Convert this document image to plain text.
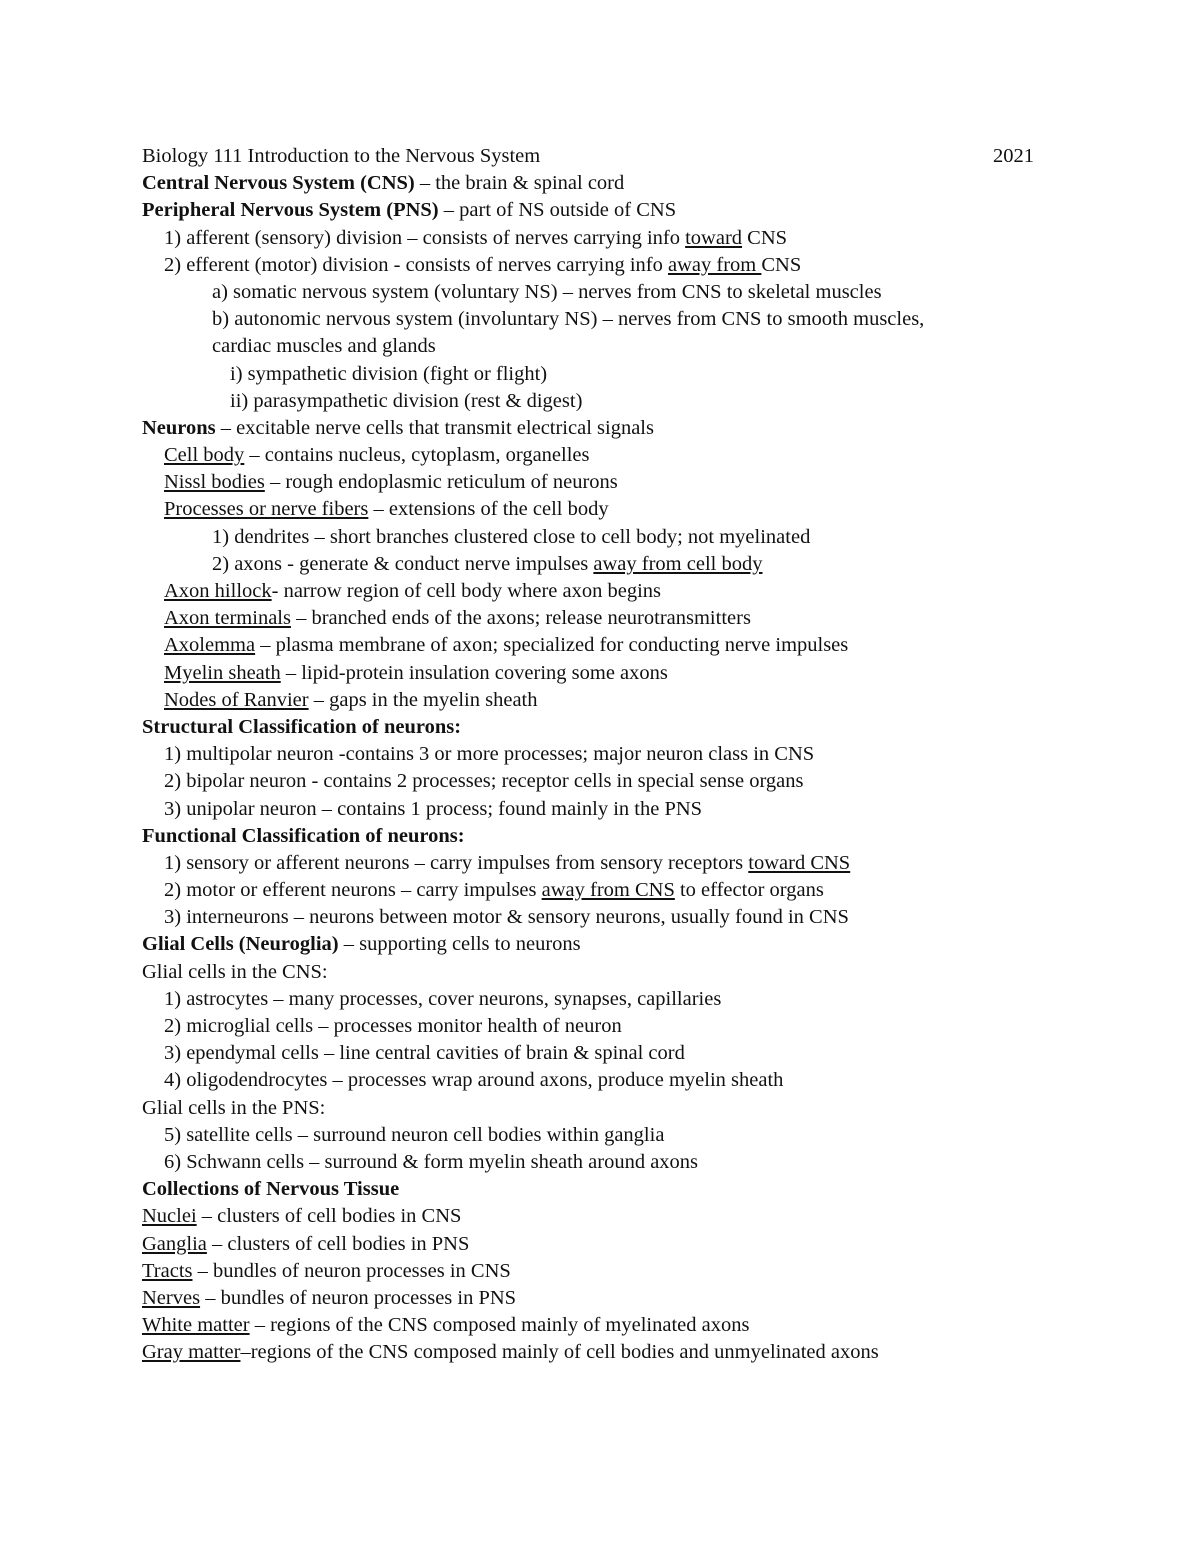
Biology 111 Introduction to the Nervous System	2021
Central Nervous System (CNS) – the brain & spinal cord
Peripheral Nervous System (PNS) – part of NS outside of CNS
1) afferent (sensory) division – consists of nerves carrying info toward CNS
2) efferent (motor) division - consists of nerves carrying info away from CNS
a) somatic nervous system (voluntary NS) – nerves from CNS to skeletal muscles
b) autonomic nervous system (involuntary NS) – nerves from CNS to smooth muscles,
cardiac muscles and glands
i) sympathetic division (fight or flight)
ii) parasympathetic division (rest & digest)
Neurons – excitable nerve cells that transmit electrical signals
Cell body – contains nucleus, cytoplasm, organelles
Nissl bodies – rough endoplasmic reticulum of neurons
Processes or nerve fibers – extensions of the cell body
1) dendrites – short branches clustered close to cell body; not myelinated
2) axons - generate & conduct nerve impulses away from cell body
Axon hillock- narrow region of cell body where axon begins
Axon terminals – branched ends of the axons; release neurotransmitters
Axolemma – plasma membrane of axon; specialized for conducting nerve impulses
Myelin sheath – lipid-protein insulation covering some axons
Nodes of Ranvier – gaps in the myelin sheath
Structural Classification of neurons:
1) multipolar neuron -contains 3 or more processes; major neuron class in CNS
2) bipolar neuron - contains 2 processes; receptor cells in special sense organs
3) unipolar neuron – contains 1 process; found mainly in the PNS
Functional Classification of neurons:
1) sensory or afferent neurons – carry impulses from sensory receptors toward CNS
2) motor or efferent neurons – carry impulses away from CNS to effector organs
3) interneurons – neurons between motor & sensory neurons, usually found in CNS
Glial Cells (Neuroglia) – supporting cells to neurons
Glial cells in the CNS:
1) astrocytes – many processes, cover neurons, synapses, capillaries
2) microglial cells – processes monitor health of neuron
3) ependymal cells – line central cavities of brain & spinal cord
4) oligodendrocytes – processes wrap around axons, produce myelin sheath
Glial cells in the PNS:
5) satellite cells – surround neuron cell bodies within ganglia
6) Schwann cells – surround & form myelin sheath around axons
Collections of Nervous Tissue
Nuclei – clusters of cell bodies in CNS
Ganglia – clusters of cell bodies in PNS
Tracts – bundles of neuron processes in CNS
Nerves – bundles of neuron processes in PNS
White matter – regions of the CNS composed mainly of myelinated axons
Gray matter–regions of the CNS composed mainly of cell bodies and unmyelinated axons
